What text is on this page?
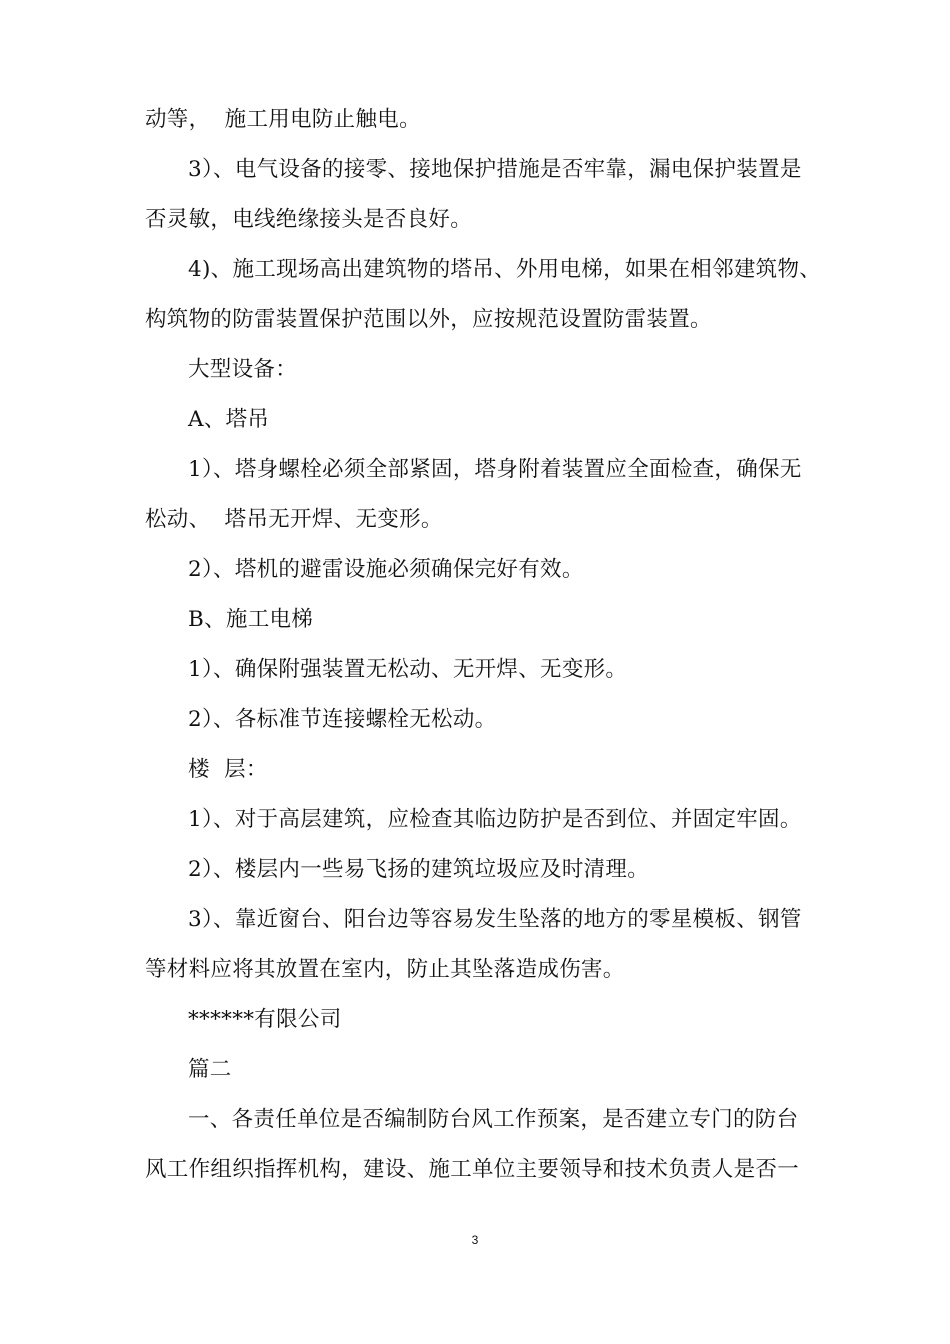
动等，  施工用电防止触电。
3）、电气设备的接零、接地保护措施是否牢靠，漏电保护装置是
否灵敏，电线绝缘接头是否良好。
4)、施工现场高出建筑物的塔吊、外用电梯，如果在相邻建筑物、
构筑物的防雷装置保护范围以外，应按规范设置防雷装置。
大型设备：
A、塔吊
1）、塔身螺栓必须全部紧固，塔身附着装置应全面检查，确保无
松动、  塔吊无开焊、无变形。
2）、塔机的避雷设施必须确保完好有效。
B、施工电梯
1）、确保附强装置无松动、无开焊、无变形。
2）、各标准节连接螺栓无松动。
楼  层：
1）、对于高层建筑，应检查其临边防护是否到位、并固定牢固。
2）、楼层内一些易飞扬的建筑垃圾应及时清理。
3）、靠近窗台、阳台边等容易发生坠落的地方的零星模板、钢管
等材料应将其放置在室内，防止其坠落造成伤害。
******有限公司
篇二
一、各责任单位是否编制防台风工作预案，是否建立专门的防台
风工作组织指挥机构，建设、施工单位主要领导和技术负责人是否一
3
